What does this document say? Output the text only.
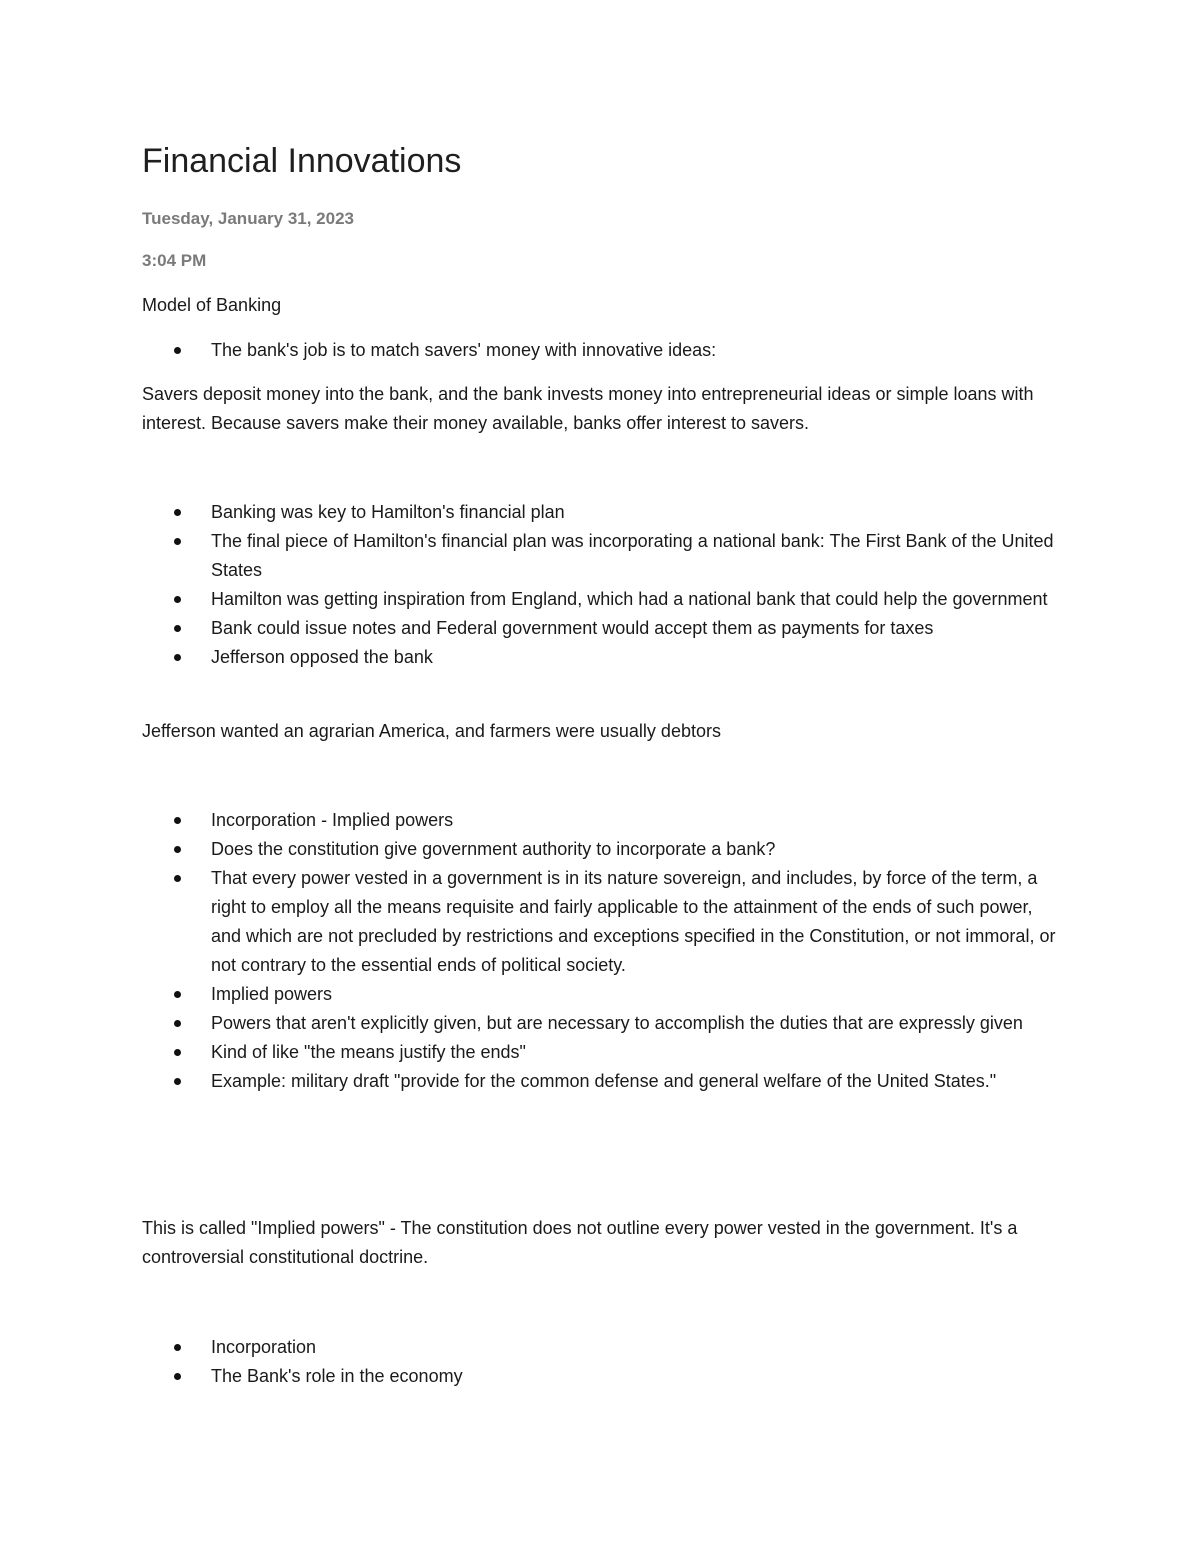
Financial Innovations
Tuesday, January 31, 2023
3:04 PM

Model of Banking

The bank's job is to match savers' money with innovative ideas:

Savers deposit money into the bank, and the bank invests money into entrepreneurial ideas or simple loans with interest. Because savers make their money available, banks offer interest to savers.

Banking was key to Hamilton's financial plan
The final piece of Hamilton's financial plan was incorporating a national bank: The First Bank of the United States
Hamilton was getting inspiration from England, which had a national bank that could help the government
Bank could issue notes and Federal government would accept them as payments for taxes
Jefferson opposed the bank

Jefferson wanted an agrarian America, and farmers were usually debtors

Incorporation - Implied powers
Does the constitution give government authority to incorporate a bank?
That every power vested in a government is in its nature sovereign, and includes, by force of the term, a right to employ all the means requisite and fairly applicable to the attainment of the ends of such power, and which are not precluded by restrictions and exceptions specified in the Constitution, or not immoral, or not contrary to the essential ends of political society.
Implied powers
Powers that aren't explicitly given, but are necessary to accomplish the duties that are expressly given
Kind of like "the means justify the ends"
Example: military draft "provide for the common defense and general welfare of the United States."

This is called "Implied powers" - The constitution does not outline every power vested in the government. It's a controversial constitutional doctrine.

Incorporation
The Bank's role in the economy
